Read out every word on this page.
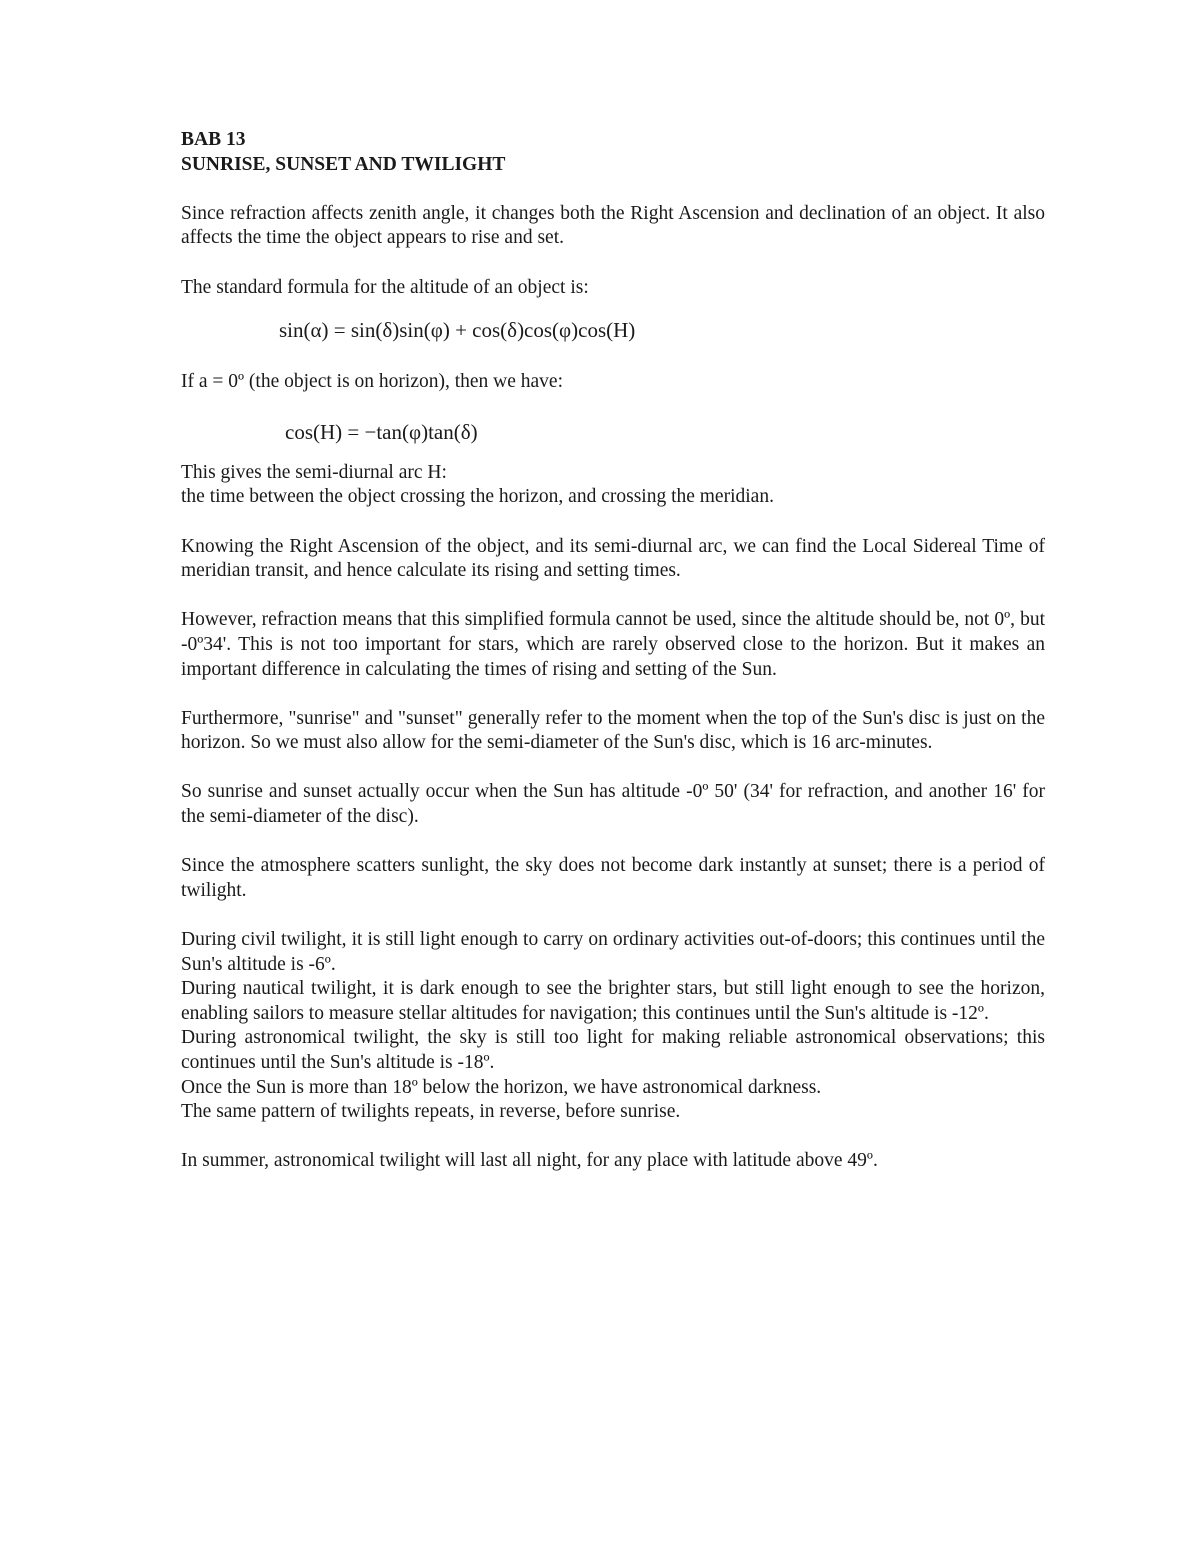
BAB 13
SUNRISE, SUNSET AND TWILIGHT

Since refraction affects zenith angle, it changes both the Right Ascension and declination of an object. It also affects the time the object appears to rise and set.

The standard formula for the altitude of an object is:

sin(α) = sin(δ)sin(φ) + cos(δ)cos(φ)cos(H)

If a = 0º (the object is on horizon), then we have:

cos(H) = −tan(φ)tan(δ)

This gives the semi-diurnal arc H:

the time between the object crossing the horizon, and crossing the meridian.

Knowing the Right Ascension of the object, and its semi-diurnal arc, we can find the Local Sidereal Time of meridian transit, and hence calculate its rising and setting times.

However, refraction means that this simplified formula cannot be used, since the altitude should be, not 0º, but -0º34'. This is not too important for stars, which are rarely observed close to the horizon. But it makes an important difference in calculating the times of rising and setting of the Sun.

Furthermore, "sunrise" and "sunset" generally refer to the moment when the top of the Sun's disc is just on the horizon. So we must also allow for the semi-diameter of the Sun's disc, which is 16 arc-minutes.

So sunrise and sunset actually occur when the Sun has altitude -0º 50' (34' for refraction, and another 16' for the semi-diameter of the disc).

Since the atmosphere scatters sunlight, the sky does not become dark instantly at sunset; there is a period of twilight.

During civil twilight, it is still light enough to carry on ordinary activities out-of-doors; this continues until the Sun's altitude is -6º.

During nautical twilight, it is dark enough to see the brighter stars, but still light enough to see the horizon, enabling sailors to measure stellar altitudes for navigation; this continues until the Sun's altitude is -12º.

During astronomical twilight, the sky is still too light for making reliable astronomical observations; this continues until the Sun's altitude is -18º.

Once the Sun is more than 18º below the horizon, we have astronomical darkness.

The same pattern of twilights repeats, in reverse, before sunrise.

In summer, astronomical twilight will last all night, for any place with latitude above 49º.
